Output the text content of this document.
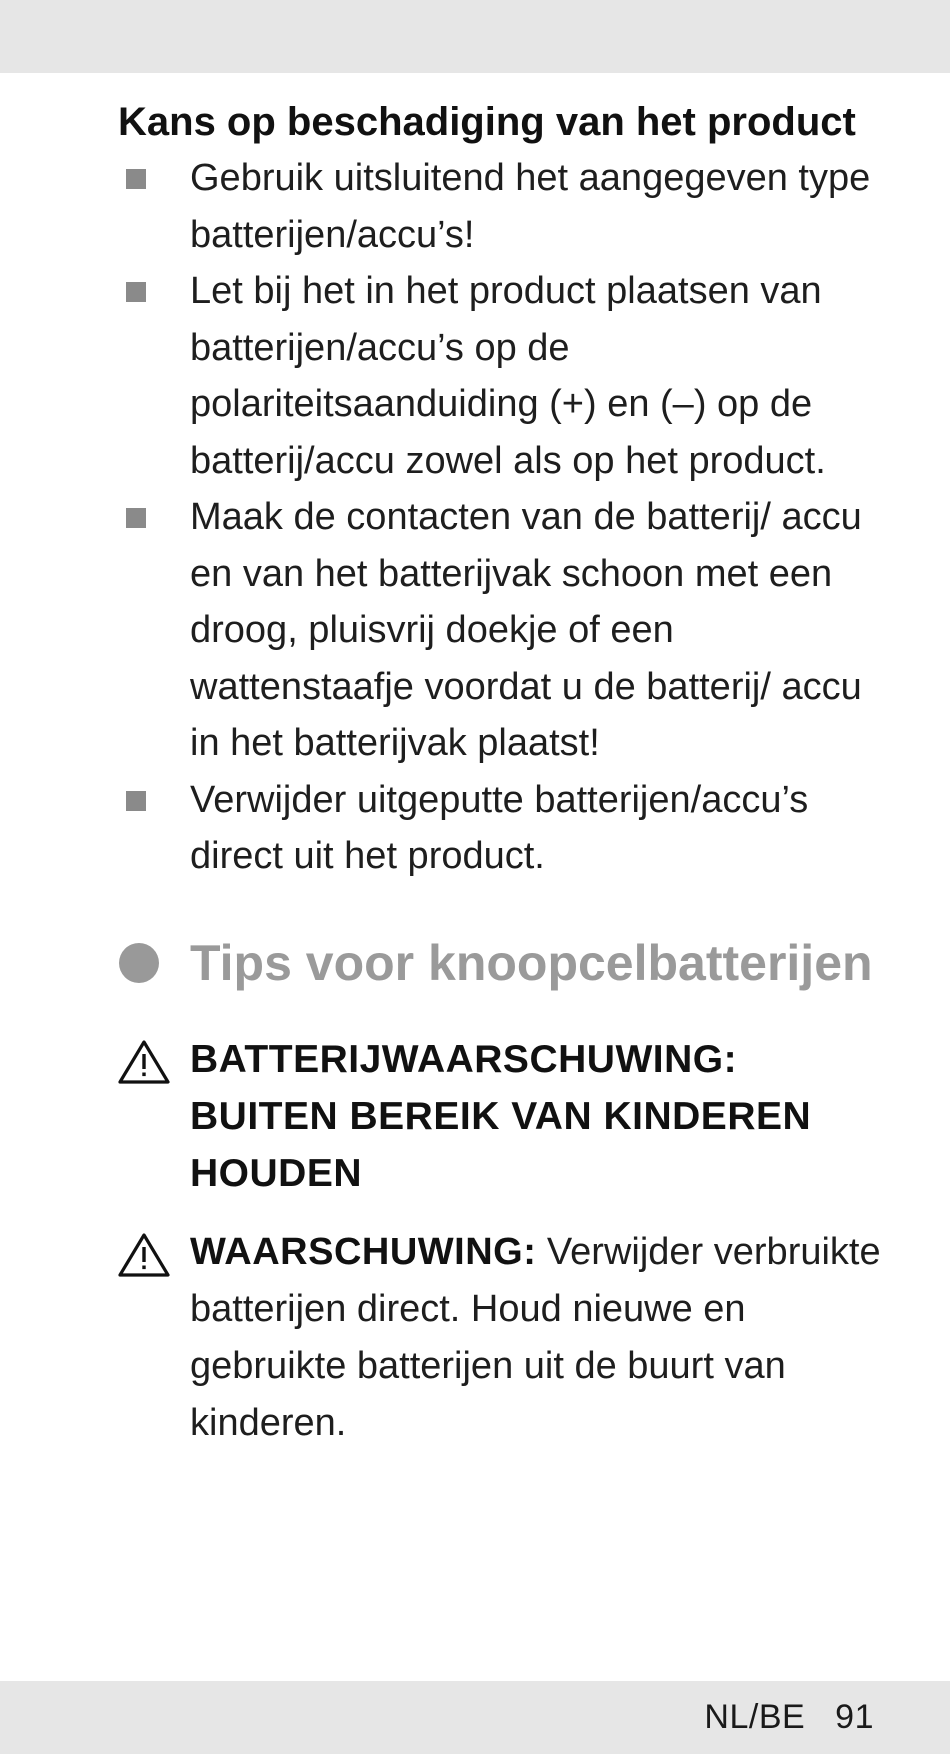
Kans op beschadiging van het product
Gebruik uitsluitend het aangegeven type batterijen/accu’s!
Let bij het in het product plaatsen van batterijen/accu’s op de polariteitsaanduiding (+) en (–) op de batterij/accu zowel als op het product.
Maak de contacten van de batterij/ accu en van het batterijvak schoon met een droog, pluisvrij doekje of een wattenstaafje voordat u de batterij/ accu in het batterijvak plaatst!
Verwijder uitgeputte batterijen/accu’s direct uit het product.
Tips voor knoopcelbatterijen
BATTERIJWAARSCHUWING: BUITEN BEREIK VAN KINDEREN HOUDEN
WAARSCHUWING: Verwijder verbruikte batterijen direct. Houd nieuwe en gebruikte batterijen uit de buurt van kinderen.
NL/BE 91
